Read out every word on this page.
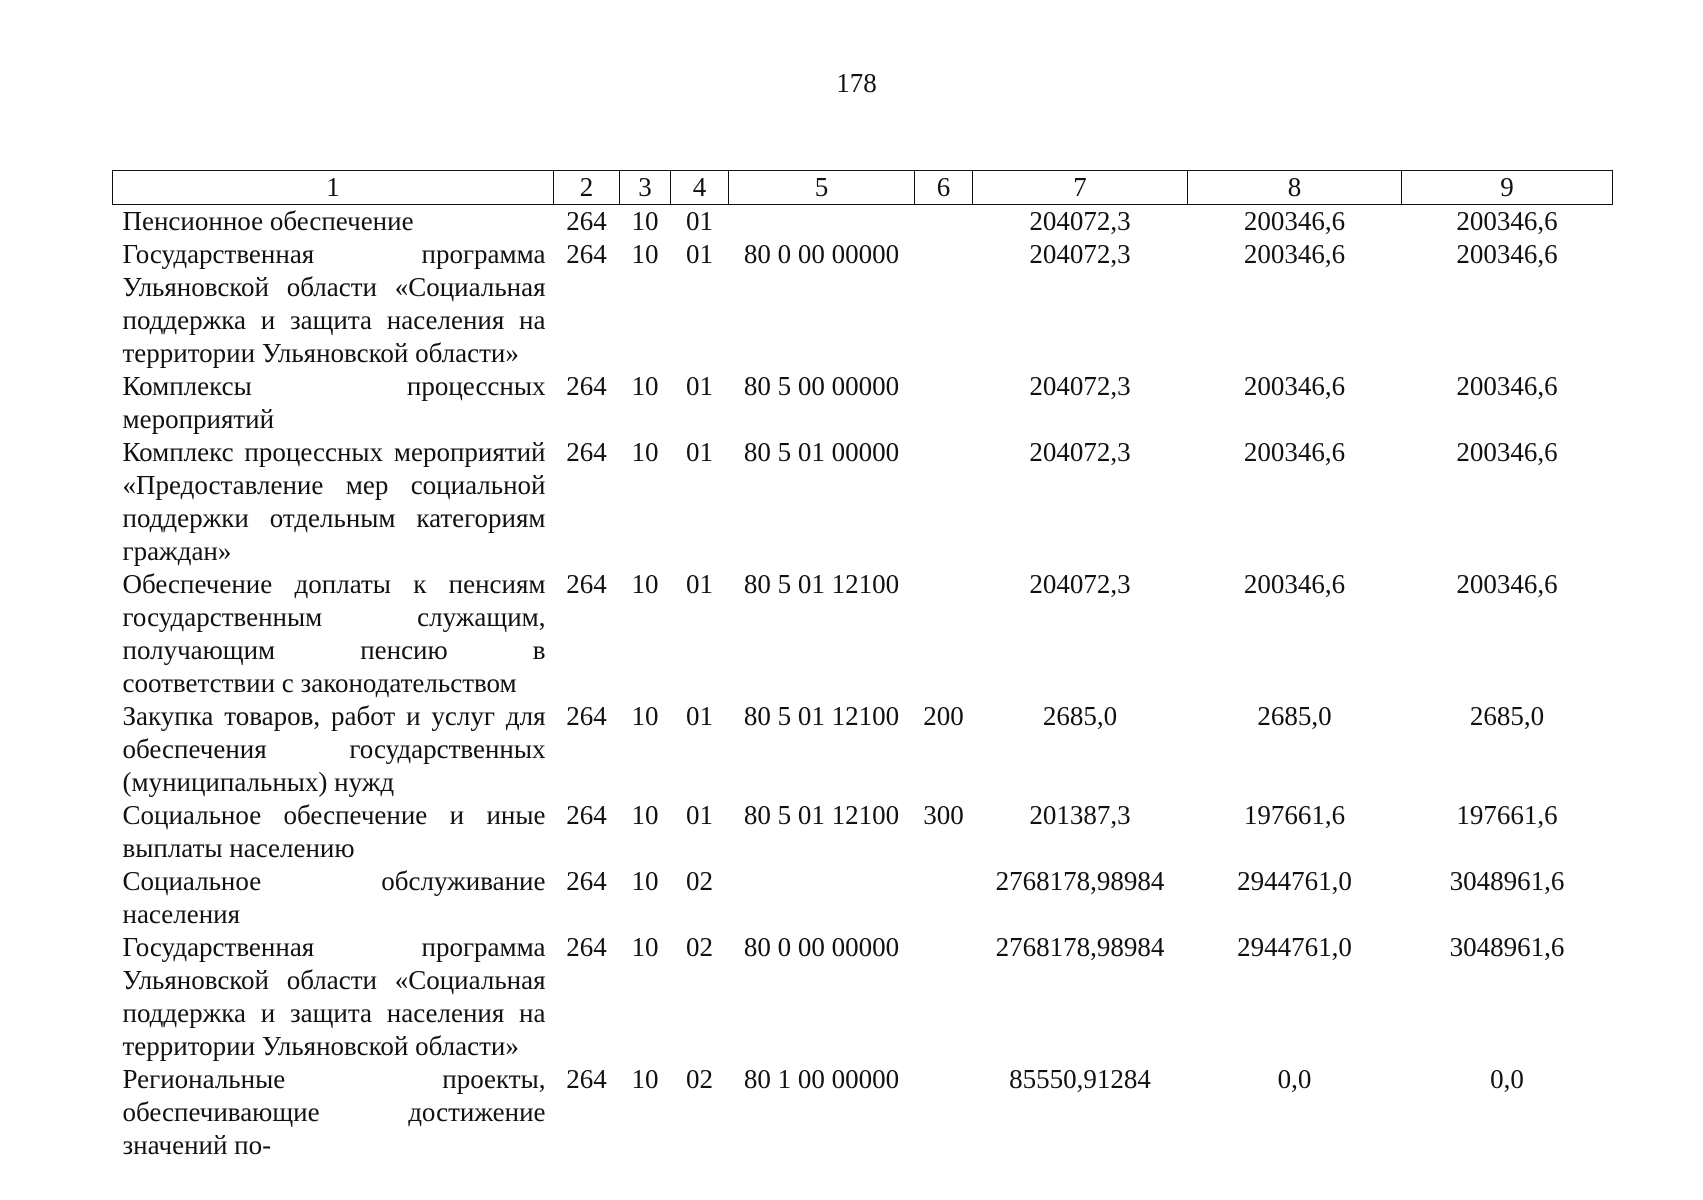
178
1	2	3	4	5	6	7	8	9
Пенсионное обеспечение	264	10	01			204072,3	200346,6	200346,6
Государственная программа Ульяновской области «Социальная поддержка и защита населения на территории Ульяновской области»	264	10	01	80 0 00 00000		204072,3	200346,6	200346,6
Комплексы процессных мероприятий	264	10	01	80 5 00 00000		204072,3	200346,6	200346,6
Комплекс процессных мероприятий «Предоставление мер социальной поддержки отдельным категориям граждан»	264	10	01	80 5 01 00000		204072,3	200346,6	200346,6
Обеспечение доплаты к пенсиям государственным служащим, получающим пенсию в соответствии с законодательством	264	10	01	80 5 01 12100		204072,3	200346,6	200346,6
Закупка товаров, работ и услуг для обеспечения государственных (муниципальных) нужд	264	10	01	80 5 01 12100	200	2685,0	2685,0	2685,0
Социальное обеспечение и иные выплаты населению	264	10	01	80 5 01 12100	300	201387,3	197661,6	197661,6
Социальное обслуживание населения	264	10	02			2768178,98984	2944761,0	3048961,6
Государственная программа Ульяновской области «Социальная поддержка и защита населения на территории Ульяновской области»	264	10	02	80 0 00 00000		2768178,98984	2944761,0	3048961,6
Региональные проекты, обеспечивающие достижение значений по-	264	10	02	80 1 00 00000		85550,91284	0,0	0,0
